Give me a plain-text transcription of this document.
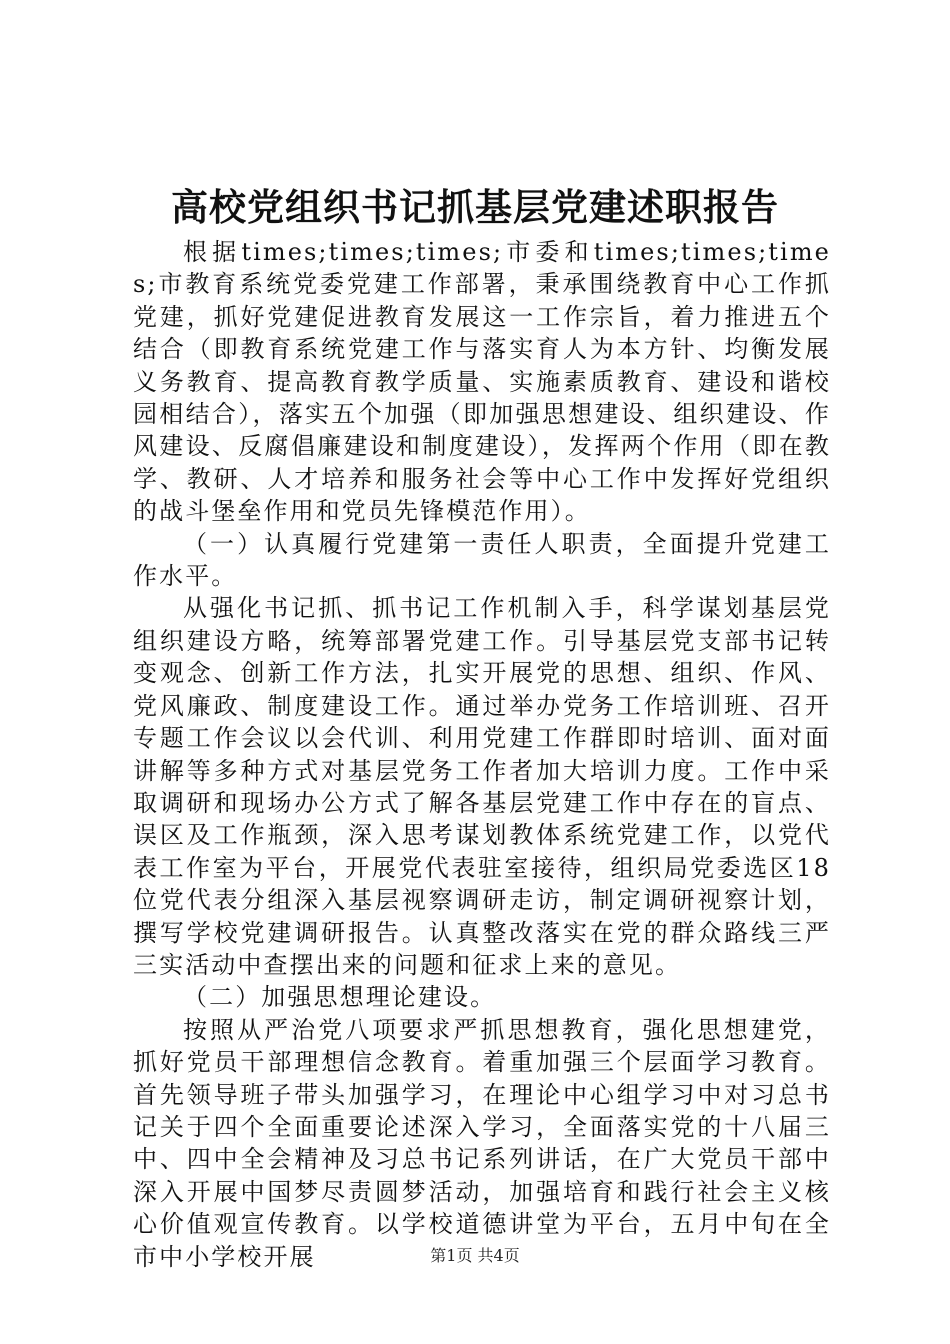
高校党组织书记抓基层党建述职报告

根据times;times;times;市委和times;times;times;市教育系统党委党建工作部署，秉承围绕教育中心工作抓党建，抓好党建促进教育发展这一工作宗旨，着力推进五个结合（即教育系统党建工作与落实育人为本方针、均衡发展义务教育、提高教育教学质量、实施素质教育、建设和谐校园相结合），落实五个加强（即加强思想建设、组织建设、作风建设、反腐倡廉建设和制度建设），发挥两个作用（即在教学、教研、人才培养和服务社会等中心工作中发挥好党组织的战斗堡垒作用和党员先锋模范作用）。

（一）认真履行党建第一责任人职责，全面提升党建工作水平。

从强化书记抓、抓书记工作机制入手，科学谋划基层党组织建设方略，统筹部署党建工作。引导基层党支部书记转变观念、创新工作方法，扎实开展党的思想、组织、作风、党风廉政、制度建设工作。通过举办党务工作培训班、召开专题工作会议以会代训、利用党建工作群即时培训、面对面讲解等多种方式对基层党务工作者加大培训力度。工作中采取调研和现场办公方式了解各基层党建工作中存在的盲点、误区及工作瓶颈，深入思考谋划教体系统党建工作，以党代表工作室为平台，开展党代表驻室接待，组织局党委选区18位党代表分组深入基层视察调研走访，制定调研视察计划，撰写学校党建调研报告。认真整改落实在党的群众路线三严三实活动中查摆出来的问题和征求上来的意见。

（二）加强思想理论建设。

按照从严治党八项要求严抓思想教育，强化思想建党，抓好党员干部理想信念教育。着重加强三个层面学习教育。首先领导班子带头加强学习，在理论中心组学习中对习总书记关于四个全面重要论述深入学习，全面落实党的十八届三中、四中全会精神及习总书记系列讲话，在广大党员干部中深入开展中国梦尽责圆梦活动，加强培育和践行社会主义核心价值观宣传教育。以学校道德讲堂为平台，五月中旬在全市中小学校开展	第1页 共4页
